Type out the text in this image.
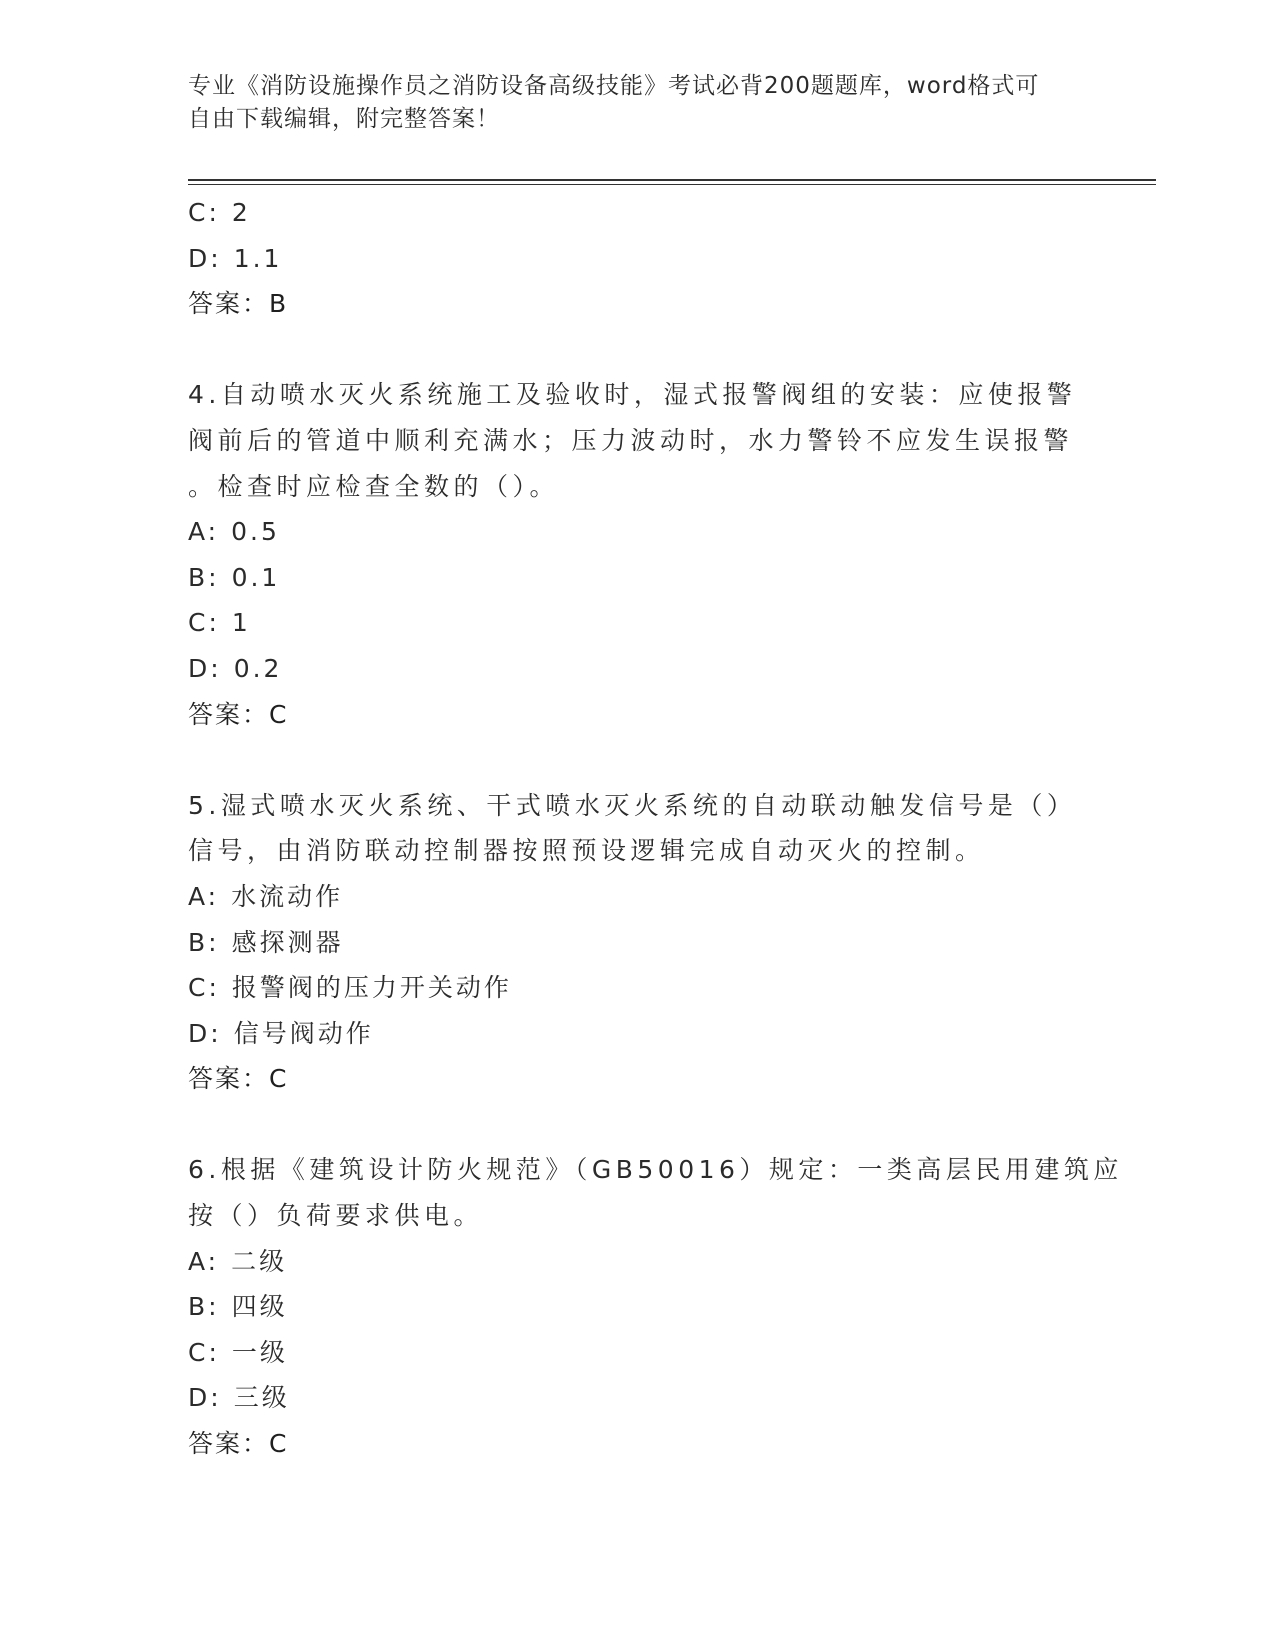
专业《消防设施操作员之消防设备高级技能》考试必背200题题库，word格式可
自由下载编辑，附完整答案！
C: 2
D: 1.1
答案：B
4.自动喷水灭火系统施工及验收时，湿式报警阀组的安装：应使报警
阀前后的管道中顺利充满水；压力波动时，水力警铃不应发生误报警
。检查时应检查全数的（）。
A: 0.5
B: 0.1
C: 1
D: 0.2
答案：C
5.湿式喷水灭火系统、干式喷水灭火系统的自动联动触发信号是（）
信号，由消防联动控制器按照预设逻辑完成自动灭火的控制。
A: 水流动作
B: 感探测器
C: 报警阀的压力开关动作
D: 信号阀动作
答案：C
6.根据《建筑设计防火规范》（GB50016）规定：一类高层民用建筑应
按（）负荷要求供电。
A: 二级
B: 四级
C: 一级
D: 三级
答案：C
